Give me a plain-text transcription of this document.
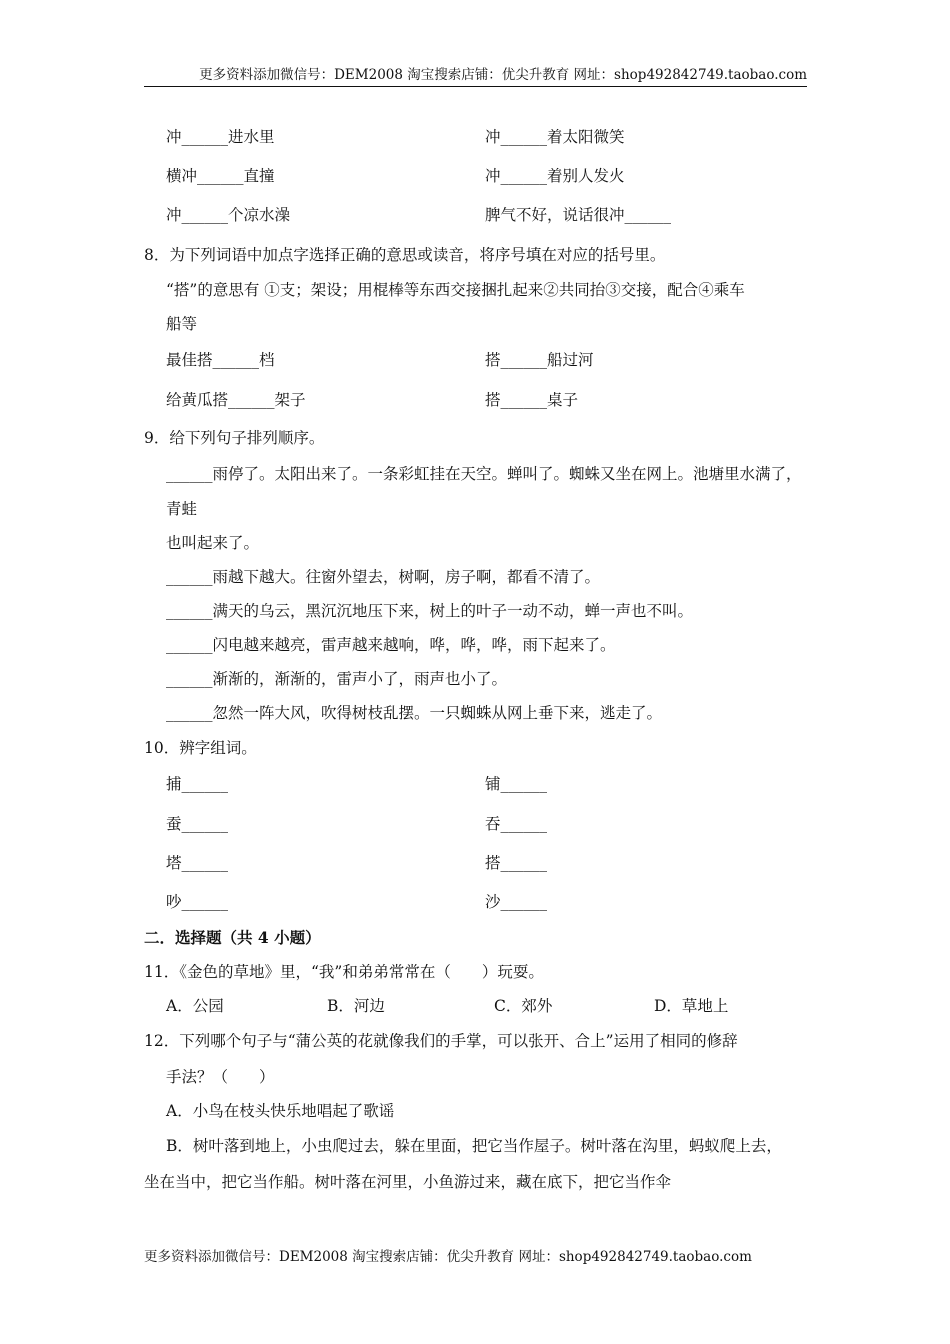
更多资料添加微信号：DEM2008 淘宝搜索店铺：优尖升教育 网址：shop492842749.taobao.com
冲______进水里	冲______着太阳微笑
横冲______直撞	冲______着别人发火
冲______个凉水澡	脾气不好，说话很冲______
8．为下列词语中加点字选择正确的意思或读音，将序号填在对应的括号里。
“搭”的意思有 ①支；架设；用棍棒等东西交接捆扎起来②共同抬③交接，配合④乘车
船等
最佳搭______档	搭______船过河
给黄瓜搭______架子	搭______桌子
9．给下列句子排列顺序。
______雨停了。太阳出来了。一条彩虹挂在天空。蝉叫了。蜘蛛又坐在网上。池塘里水满了，
青蛙
也叫起来了。
______雨越下越大。往窗外望去，树啊，房子啊，都看不清了。
______满天的乌云，黑沉沉地压下来，树上的叶子一动不动，蝉一声也不叫。
______闪电越来越亮，雷声越来越响，哗，哗，哗，雨下起来了。
______渐渐的，渐渐的，雷声小了，雨声也小了。
______忽然一阵大风，吹得树枝乱摆。一只蜘蛛从网上垂下来，逃走了。
10．辨字组词。
捕______	铺______
蚕______	吞______
塔______	搭______
吵______	沙______
二．选择题（共 4 小题）
11．《金色的草地》里，“我”和弟弟常常在（　　）玩耍。
A．公园	B．河边	C．郊外	D．草地上
12．下列哪个句子与“蒲公英的花就像我们的手掌，可以张开、合上”运用了相同的修辞
手法？（　　）
A．小鸟在枝头快乐地唱起了歌谣
B．树叶落到地上，小虫爬过去，躲在里面，把它当作屋子。树叶落在沟里，蚂蚁爬上去，
坐在当中，把它当作船。树叶落在河里，小鱼游过来，藏在底下，把它当作伞
更多资料添加微信号：DEM2008 淘宝搜索店铺：优尖升教育 网址：shop492842749.taobao.com
